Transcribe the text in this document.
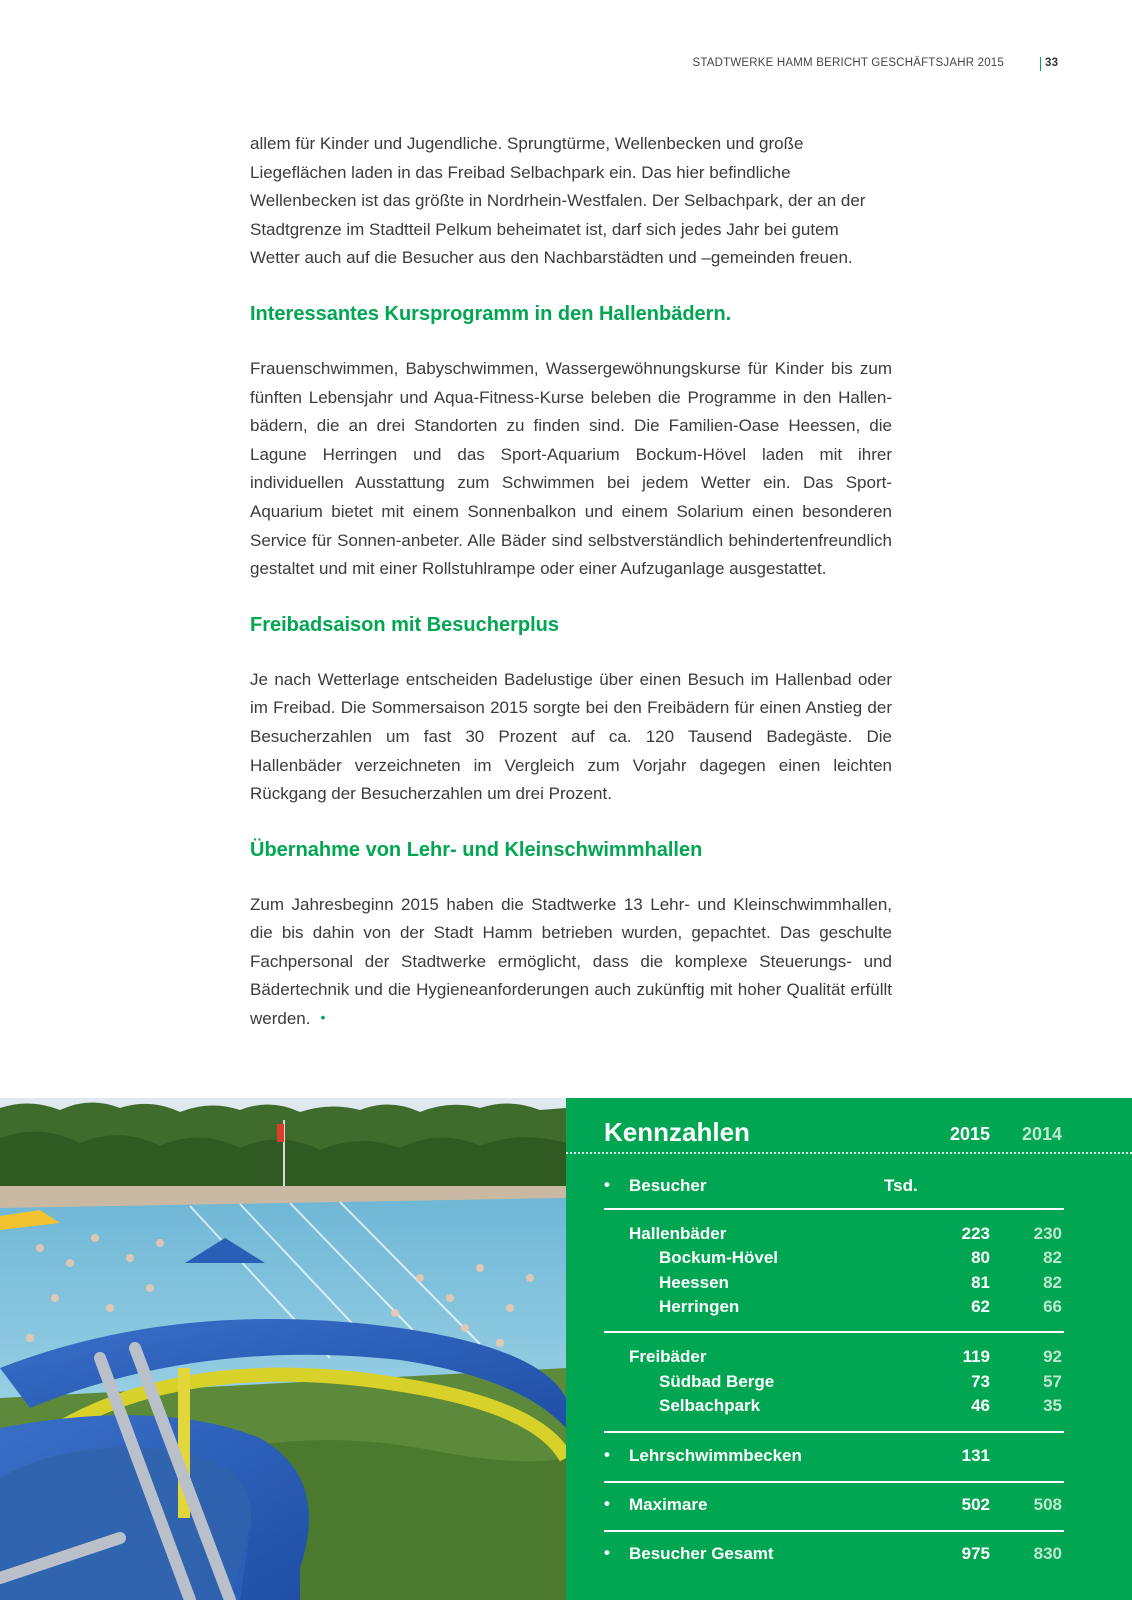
STADTWERKE HAMM BERICHT GESCHÄFTSJAHR 2015	33

allem für Kinder und Jugendliche. Sprungtürme, Wellenbecken und große Liegeflächen laden in das Freibad Selbachpark ein. Das hier befindliche Wellenbecken ist das größte in Nordrhein-Westfalen. Der Selbachpark, der an der Stadtgrenze im Stadtteil Pelkum beheimatet ist, darf sich jedes Jahr bei gutem Wetter auch auf die Besucher aus den Nachbarstädten und –gemeinden freuen.

Interessantes Kursprogramm in den Hallenbädern.

Frauenschwimmen, Babyschwimmen, Wassergewöhnungskurse für Kinder bis zum fünften Lebensjahr und Aqua-Fitness-Kurse beleben die Programme in den Hallen-bädern, die an drei Standorten zu finden sind. Die Familien-Oase Heessen, die Lagune Herringen und das Sport-Aquarium Bockum-Hövel laden mit ihrer individuellen Ausstattung zum Schwimmen bei jedem Wetter ein. Das Sport-Aquarium bietet mit einem Sonnenbalkon und einem Solarium einen besonderen Service für Sonnen-anbeter. Alle Bäder sind selbstverständlich behindertenfreundlich gestaltet und mit einer Rollstuhlrampe oder einer Aufzuganlage ausgestattet.

Freibadsaison mit Besucherplus

Je nach Wetterlage entscheiden Badelustige über einen Besuch im Hallenbad oder im Freibad. Die Sommersaison 2015 sorgte bei den Freibädern für einen Anstieg der Besucherzahlen um fast 30 Prozent auf ca. 120 Tausend Badegäste. Die Hallenbäder verzeichneten im Vergleich zum Vorjahr dagegen einen leichten Rückgang der Besucherzahlen um drei Prozent.

Übernahme von Lehr- und Kleinschwimmhallen

Zum Jahresbeginn 2015 haben die Stadtwerke 13 Lehr- und Kleinschwimmhallen, die bis dahin von der Stadt Hamm betrieben wurden, gepachtet. Das geschulte Fachpersonal der Stadtwerke ermöglicht, dass die komplexe Steuerungs- und Bädertechnik und die Hygieneanforderungen auch zukünftig mit hoher Qualität erfüllt werden. •

Kennzahlen	2015	2014
• Besucher	Tsd.
Hallenbäder	223	230
Bockum-Hövel	80	82
Heessen	81	82
Herringen	62	66
Freibäder	119	92
Südbad Berge	73	57
Selbachpark	46	35
• Lehrschwimmbecken	131
• Maximare	502	508
• Besucher Gesamt	975	830
